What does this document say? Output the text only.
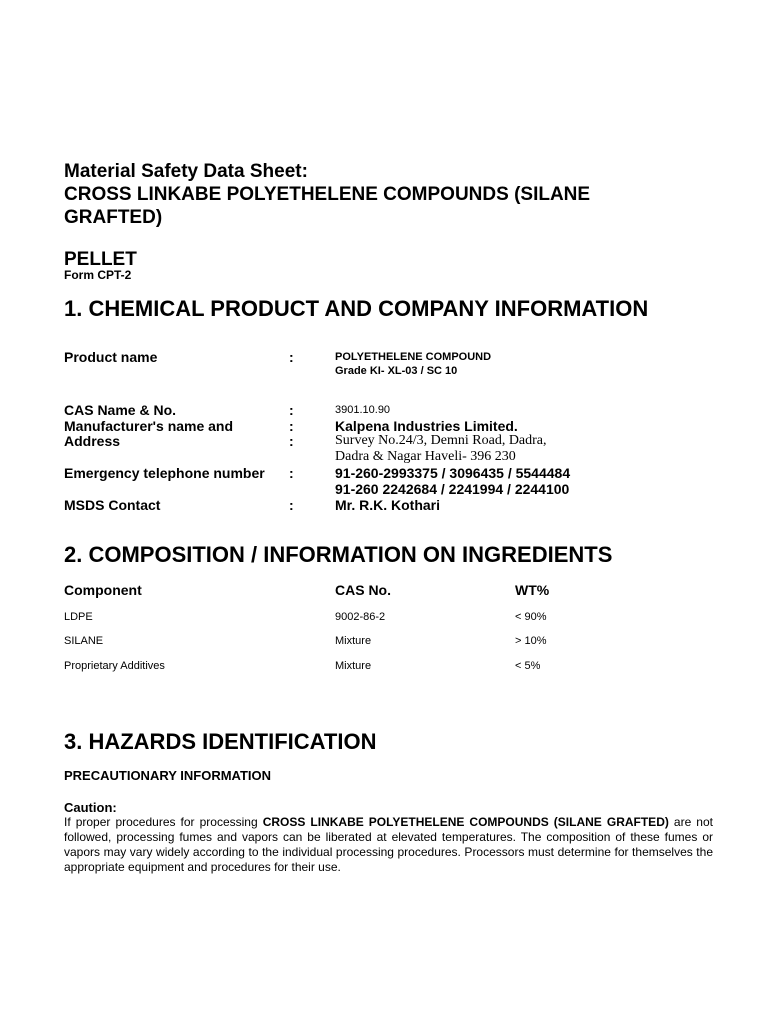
Material Safety Data Sheet:
CROSS LINKABE POLYETHELENE COMPOUNDS (SILANE
GRAFTED)
PELLET
Form CPT-2
1. CHEMICAL PRODUCT AND COMPANY INFORMATION
Product name	:	POLYETHELENE COMPOUND
Grade KI- XL-03 / SC 10
CAS Name & No.	:	3901.10.90
Manufacturer's name and	:	Kalpena Industries Limited.
Address	:	Survey No.24/3, Demni Road, Dadra,
Dadra & Nagar Haveli- 396 230
Emergency telephone number :	91-260-2993375 / 3096435 / 5544484
91-260 2242684 / 2241994 / 2244100
MSDS Contact	:	Mr. R.K. Kothari
2. COMPOSITION / INFORMATION ON INGREDIENTS
Component	CAS No.	WT%
LDPE	9002-86-2	< 90%
SILANE	Mixture	> 10%
Proprietary Additives	Mixture	< 5%
3. HAZARDS IDENTIFICATION
PRECAUTIONARY INFORMATION
Caution:
If proper procedures for processing CROSS LINKABE POLYETHELENE COMPOUNDS (SILANE GRAFTED) are not followed, processing fumes and vapors can be liberated at elevated temperatures. The composition of these fumes or vapors may vary widely according to the individual processing procedures. Processors must determine for themselves the appropriate equipment and procedures for their use.
